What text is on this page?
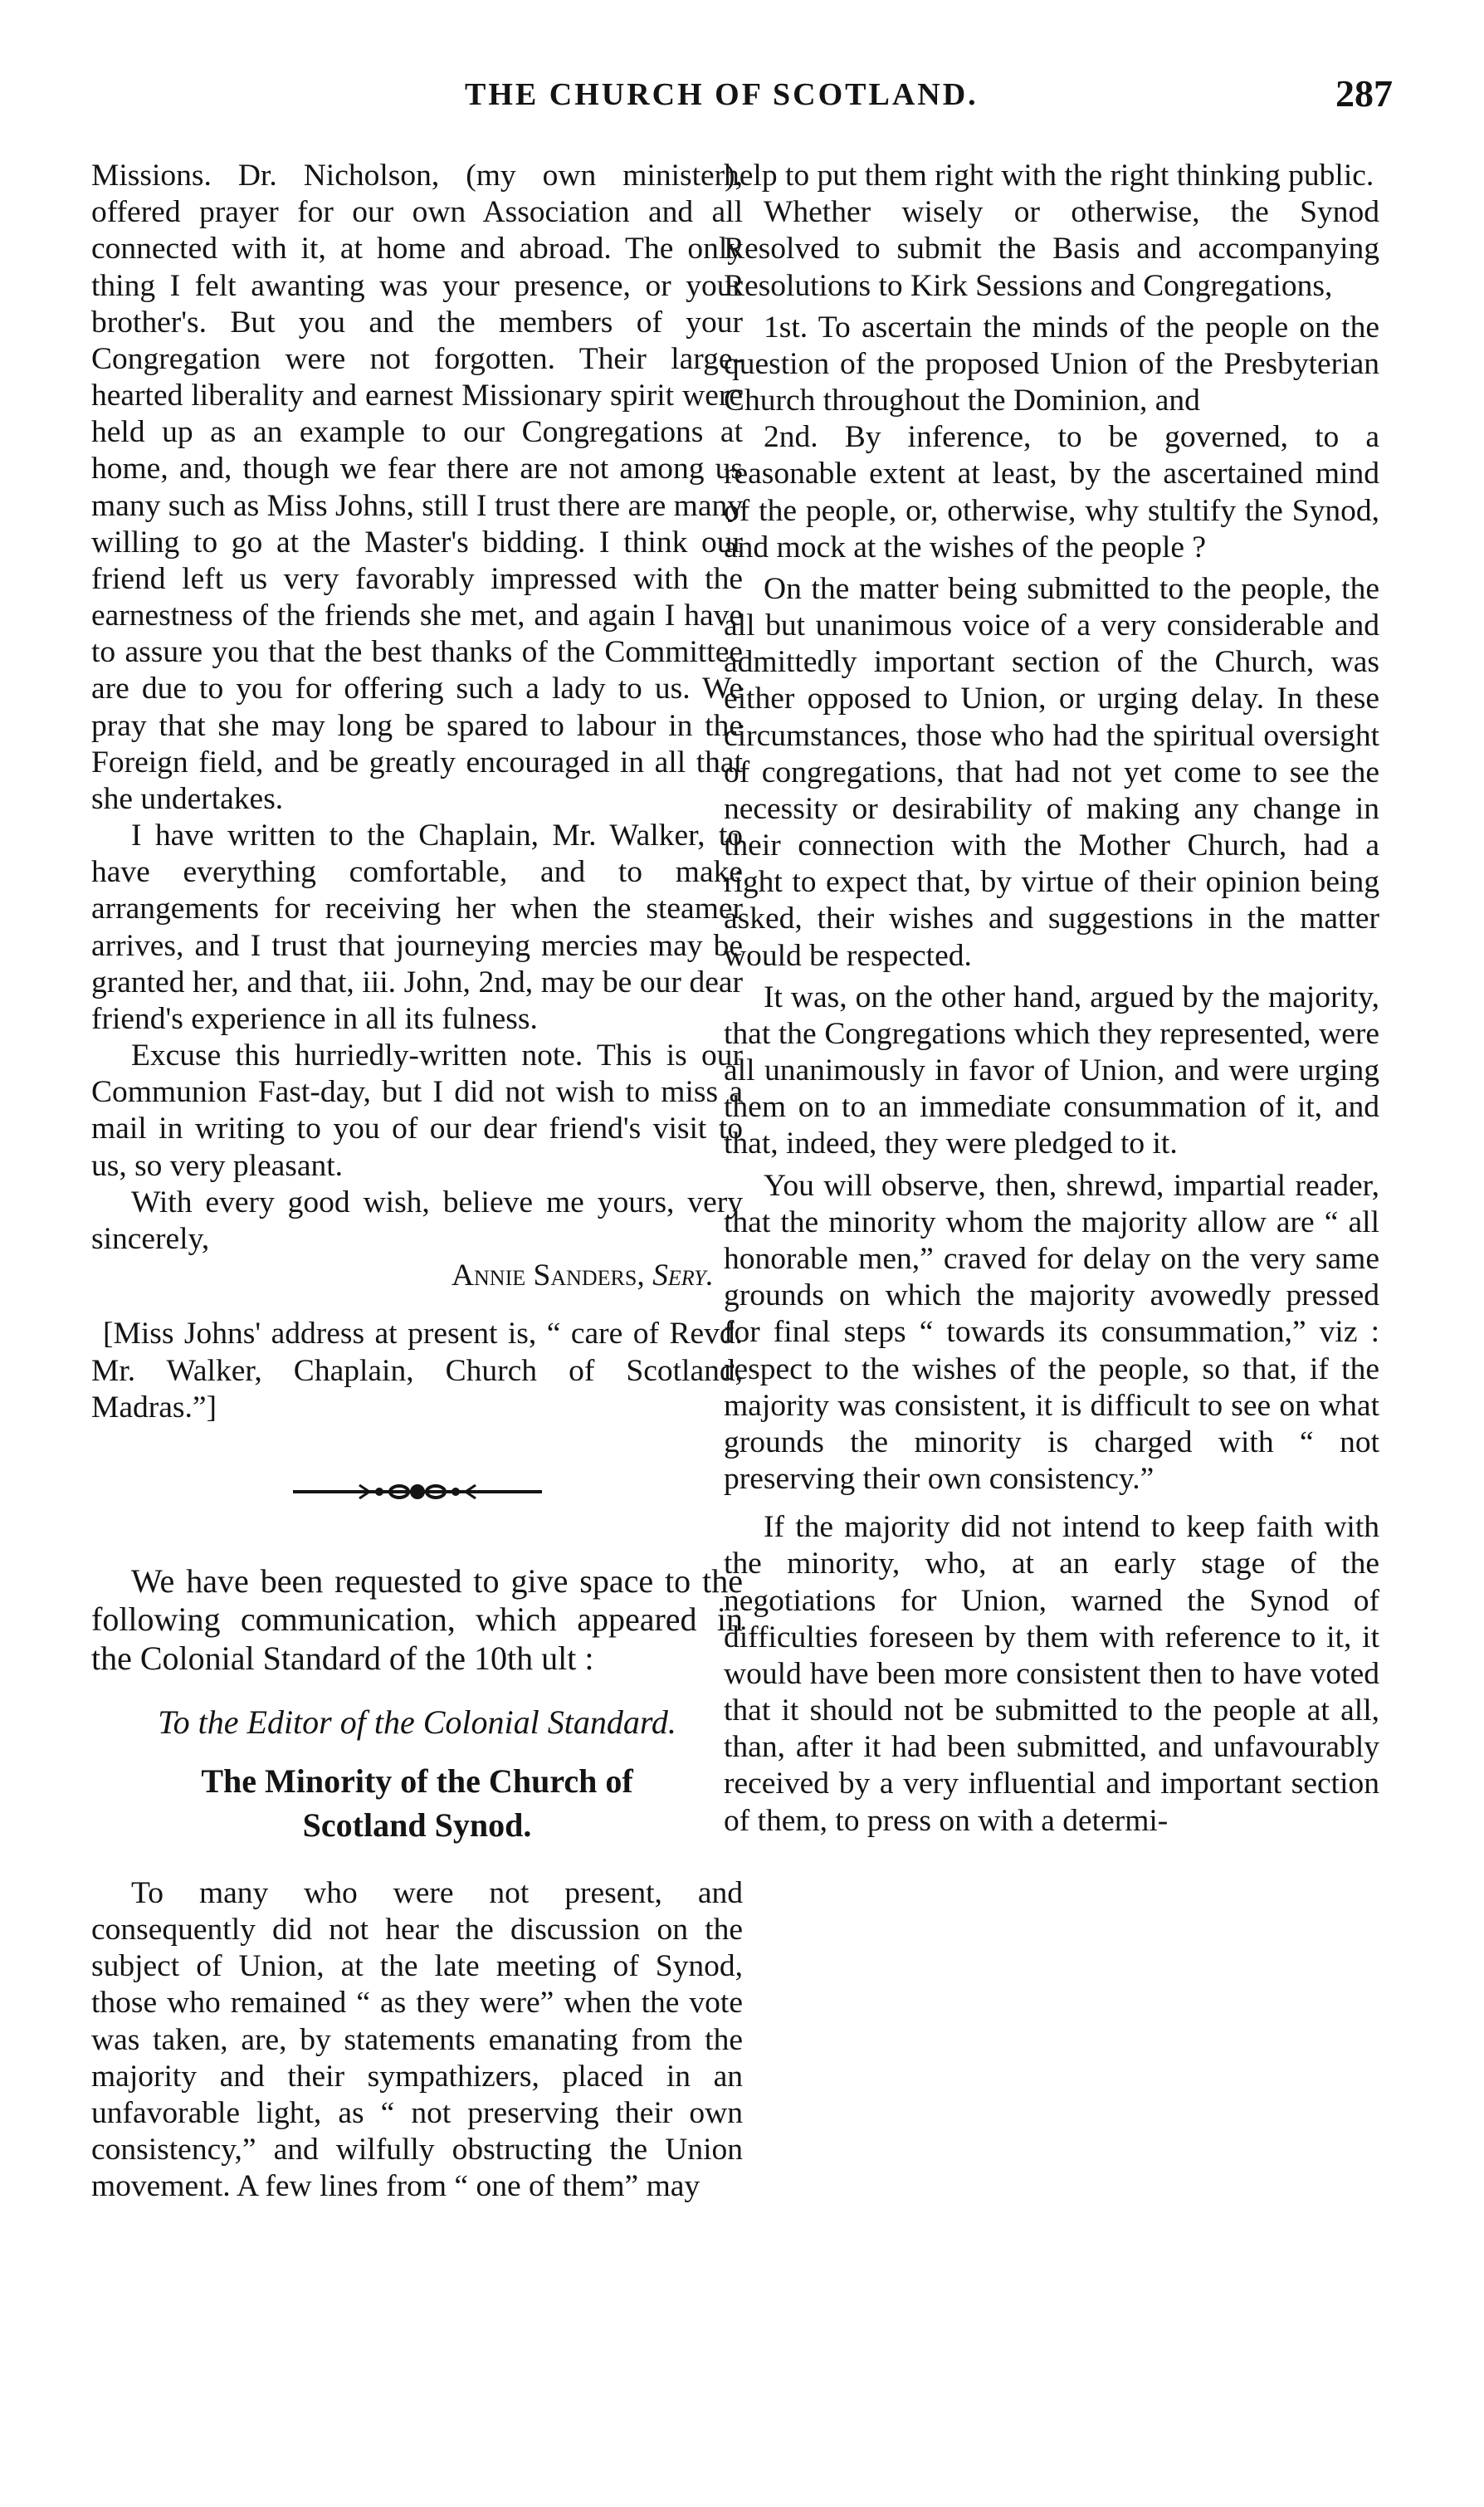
THE CHURCH OF SCOTLAND.	287

Missions. Dr. Nicholson, (my own minister), offered prayer for our own Association and all connected with it, at home and abroad. The only thing I felt awanting was your presence, or your brother's. But you and the members of your Congregation were not forgotten. Their large-hearted liberality and earnest Missionary spirit were held up as an example to our Congregations at home, and, though we fear there are not among us many such as Miss Johns, still I trust there are many willing to go at the Master's bidding. I think our friend left us very favorably impressed with the earnestness of the friends she met, and again I have to assure you that the best thanks of the Committee are due to you for offering such a lady to us. We pray that she may long be spared to labour in the Foreign field, and be greatly encouraged in all that she undertakes.

I have written to the Chaplain, Mr. Walker, to have everything comfortable, and to make arrangements for receiving her when the steamer arrives, and I trust that journeying mercies may be granted her, and that, iii. John, 2nd, may be our dear friend's experience in all its fulness.

Excuse this hurriedly-written note. This is our Communion Fast-day, but I did not wish to miss a mail in writing to you of our dear friend's visit to us, so very pleasant.

With every good wish, believe me yours, very sincerely,

Annie Sanders, Sery.

[Miss Johns' address at present is, “ care of Revd. Mr. Walker, Chaplain, Church of Scotland, Madras.”]

We have been requested to give space to the following communication, which appeared in the Colonial Standard of the 10th ult :

To the Editor of the Colonial Standard.

The Minority of the Church of
Scotland Synod.

To many who were not present, and consequently did not hear the discussion on the subject of Union, at the late meeting of Synod, those who remained “ as they were” when the vote was taken, are, by statements emanating from the majority and their sympathizers, placed in an unfavorable light, as “ not preserving their own consistency,” and wilfully obstructing the Union movement. A few lines from “ one of them” may

help to put them right with the right thinking public.

Whether wisely or otherwise, the Synod Resolved to submit the Basis and accompanying Resolutions to Kirk Sessions and Congregations,

1st. To ascertain the minds of the people on the question of the proposed Union of the Presbyterian Church throughout the Dominion, and

2nd. By inference, to be governed, to a reasonable extent at least, by the ascertained mind of the people, or, otherwise, why stultify the Synod, and mock at the wishes of the people ?

On the matter being submitted to the people, the all but unanimous voice of a very considerable and admittedly important section of the Church, was either opposed to Union, or urging delay. In these circumstances, those who had the spiritual oversight of congregations, that had not yet come to see the necessity or desirability of making any change in their connection with the Mother Church, had a right to expect that, by virtue of their opinion being asked, their wishes and suggestions in the matter would be respected.

It was, on the other hand, argued by the majority, that the Congregations which they represented, were all unanimously in favor of Union, and were urging them on to an immediate consummation of it, and that, indeed, they were pledged to it.

You will observe, then, shrewd, impartial reader, that the minority whom the majority allow are “ all honorable men,” craved for delay on the very same grounds on which the majority avowedly pressed for final steps “ towards its consummation,” viz : respect to the wishes of the people, so that, if the majority was consistent, it is difficult to see on what grounds the minority is charged with “ not preserving their own consistency.”

If the majority did not intend to keep faith with the minority, who, at an early stage of the negotiations for Union, warned the Synod of difficulties foreseen by them with reference to it, it would have been more consistent then to have voted that it should not be submitted to the people at all, than, after it had been submitted, and unfavourably received by a very influential and important section of them, to press on with a determi-
